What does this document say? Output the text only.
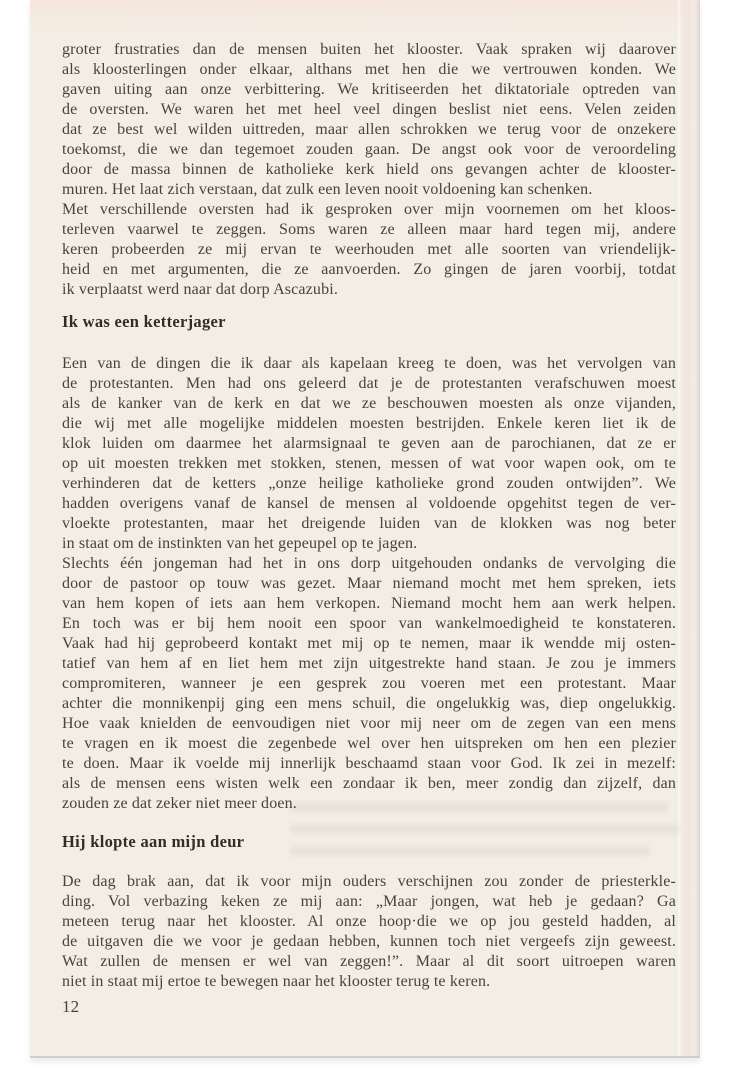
groter frustraties dan de mensen buiten het klooster. Vaak spraken wij daarover
als kloosterlingen onder elkaar, althans met hen die we vertrouwen konden. We
gaven uiting aan onze verbittering. We kritiseerden het diktatoriale optreden van
de oversten. We waren het met heel veel dingen beslist niet eens. Velen zeiden
dat ze best wel wilden uittreden, maar allen schrokken we terug voor de onzekere
toekomst, die we dan tegemoet zouden gaan. De angst ook voor de veroordeling
door de massa binnen de katholieke kerk hield ons gevangen achter de klooster-
muren. Het laat zich verstaan, dat zulk een leven nooit voldoening kan schenken.
Met verschillende oversten had ik gesproken over mijn voornemen om het kloos-
terleven vaarwel te zeggen. Soms waren ze alleen maar hard tegen mij, andere
keren probeerden ze mij ervan te weerhouden met alle soorten van vriendelijk-
heid en met argumenten, die ze aanvoerden. Zo gingen de jaren voorbij, totdat
ik verplaatst werd naar dat dorp Ascazubi.
Ik was een ketterjager
Een van de dingen die ik daar als kapelaan kreeg te doen, was het vervolgen van
de protestanten. Men had ons geleerd dat je de protestanten verafschuwen moest
als de kanker van de kerk en dat we ze beschouwen moesten als onze vijanden,
die wij met alle mogelijke middelen moesten bestrijden. Enkele keren liet ik de
klok luiden om daarmee het alarmsignaal te geven aan de parochianen, dat ze er
op uit moesten trekken met stokken, stenen, messen of wat voor wapen ook, om te
verhinderen dat de ketters „onze heilige katholieke grond zouden ontwijden”. We
hadden overigens vanaf de kansel de mensen al voldoende opgehitst tegen de ver-
vloekte protestanten, maar het dreigende luiden van de klokken was nog beter
in staat om de instinkten van het gepeupel op te jagen.
Slechts één jongeman had het in ons dorp uitgehouden ondanks de vervolging die
door de pastoor op touw was gezet. Maar niemand mocht met hem spreken, iets
van hem kopen of iets aan hem verkopen. Niemand mocht hem aan werk helpen.
En toch was er bij hem nooit een spoor van wankelmoedigheid te konstateren.
Vaak had hij geprobeerd kontakt met mij op te nemen, maar ik wendde mij osten-
tatief van hem af en liet hem met zijn uitgestrekte hand staan. Je zou je immers
compromiteren, wanneer je een gesprek zou voeren met een protestant. Maar
achter die monnikenpij ging een mens schuil, die ongelukkig was, diep ongelukkig.
Hoe vaak knielden de eenvoudigen niet voor mij neer om de zegen van een mens
te vragen en ik moest die zegenbede wel over hen uitspreken om hen een plezier
te doen. Maar ik voelde mij innerlijk beschaamd staan voor God. Ik zei in mezelf:
als de mensen eens wisten welk een zondaar ik ben, meer zondig dan zijzelf, dan
zouden ze dat zeker niet meer doen.
Hij klopte aan mijn deur
De dag brak aan, dat ik voor mijn ouders verschijnen zou zonder de priesterkle-
ding. Vol verbazing keken ze mij aan: „Maar jongen, wat heb je gedaan? Ga
meteen terug naar het klooster. Al onze hoop·die we op jou gesteld hadden, al
de uitgaven die we voor je gedaan hebben, kunnen toch niet vergeefs zijn geweest.
Wat zullen de mensen er wel van zeggen!”. Maar al dit soort uitroepen waren
niet in staat mij ertoe te bewegen naar het klooster terug te keren.
12
